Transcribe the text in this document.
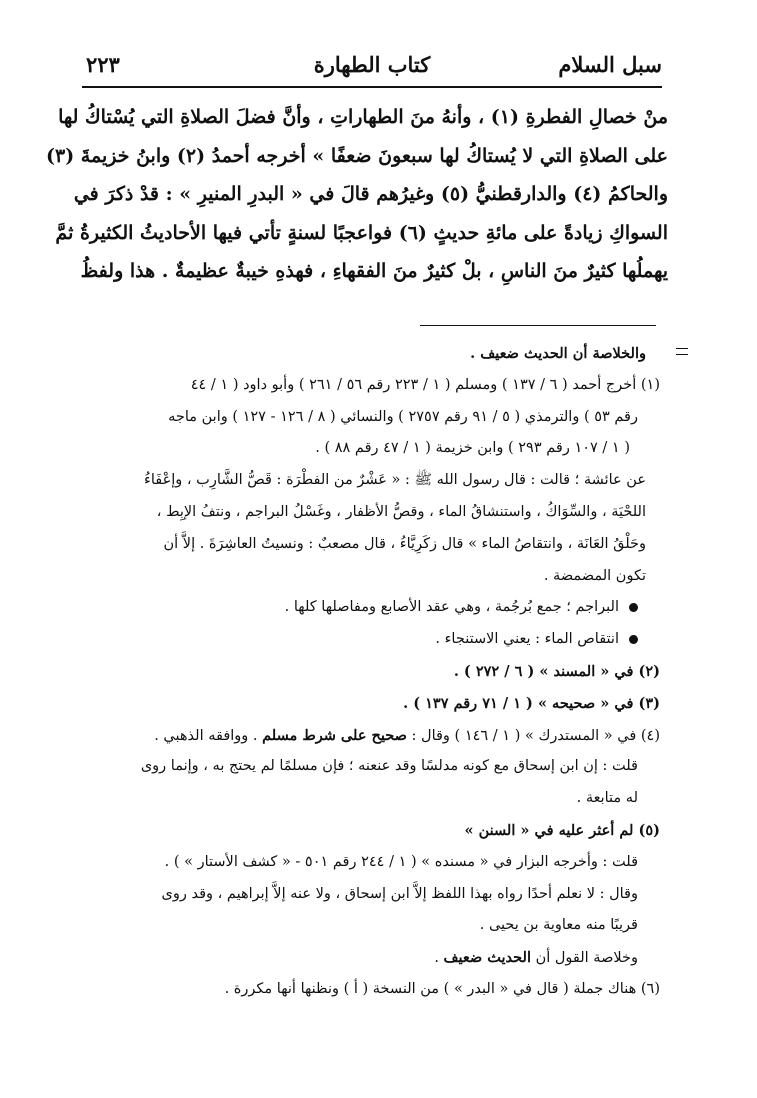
سبل السلام
كتاب الطهارة
٢٢٣

منْ خصالِ الفطرةِ (١) ، وأنهُ منَ الطهاراتِ ، وأنَّ فضلَ الصلاةِ التي يُسْتاكُ لها

على الصلاةِ التي لا يُستاكُ لها سبعونَ ضعفًا » أخرجه أحمدُ (٢) وابنُ خزيمةَ (٣)

والحاكمُ (٤) والدارقطنيُّ (٥) وغيرُهم قالَ في « البدرِ المنيرِ » : قدْ ذكرَ في

السواكِ زيادةً على مائةِ حديثٍ (٦) فواعجبًا لسنةٍ تأتي فيها الأحاديثُ الكثيرةُ ثمَّ

يهملُها كثيرٌ منَ الناسِ ، بلْ كثيرٌ منَ الفقهاءِ ، فهذهِ خيبةٌ عظيمةٌ . هذا ولفظُ

والخلاصة أن الحديث ضعيف .

(١) أخرج أحمد ( ٦ / ١٣٧ ) ومسلم ( ١ / ٢٢٣ رقم ٥٦ / ٢٦١ ) وأبو داود ( ١ / ٤٤

رقم ٥٣ ) والترمذي ( ٥ / ٩١ رقم ٢٧٥٧ ) والنسائي ( ٨ / ١٢٦ - ١٢٧ ) وابن ماجه

( ١ / ١٠٧ رقم ٢٩٣ ) وابن خزيمة ( ١ / ٤٧ رقم ٨٨ ) .

عن عائشة ؛ قالت : قال رسول الله ﷺ : « عَشْرٌ من الفطْرَة : قَصُّ الشَّارِب ، وإعْفَاءُ

اللحْيَة ، والسِّوَاكُ ، واستنشاقُ الماء ، وقصُّ الأظفار ، وغَسْلُ البراجم ، ونتفُ الإبِط ،

وحَلْقُ العَانَة ، وانتقاصُ الماء » قال زكَرِيَّاءُ ، قال مصعبٌ : ونسيتُ العاشِرَةَ . إلاَّ أن

تكون المضمضة .

البراجم ؛ جمع بُرجُمة ، وهي عقد الأصابع ومفاصلها كلها .

انتقاص الماء : يعني الاستنجاء .

(٢) في « المسند » ( ٦ / ٢٧٢ ) .

(٣) في « صحيحه » ( ١ / ٧١ رقم ١٣٧ ) .

(٤) في « المستدرك » ( ١ / ١٤٦ ) وقال : صحيح على شرط مسلم . ووافقه الذهبي .

قلت : إن ابن إسحاق مع كونه مدلسًا وقد عنعنه ؛ فإن مسلمًا لم يحتج به ، وإنما روى

له متابعة .

(٥) لم أعثر عليه في « السنن »

قلت : وأخرجه البزار في « مسنده » ( ١ / ٢٤٤ رقم ٥٠١ - « كشف الأستار » ) .

وقال : لا نعلم أحدًا رواه بهذا اللفظ إلاَّ ابن إسحاق ، ولا عنه إلاَّ إبراهيم ، وقد روى

قريبًا منه معاوية بن يحيى .

وخلاصة القول أن الحديث ضعيف .

(٦) هناك جملة ( قال في « البدر » ) من النسخة ( أ ) ونظنها أنها مكررة .
